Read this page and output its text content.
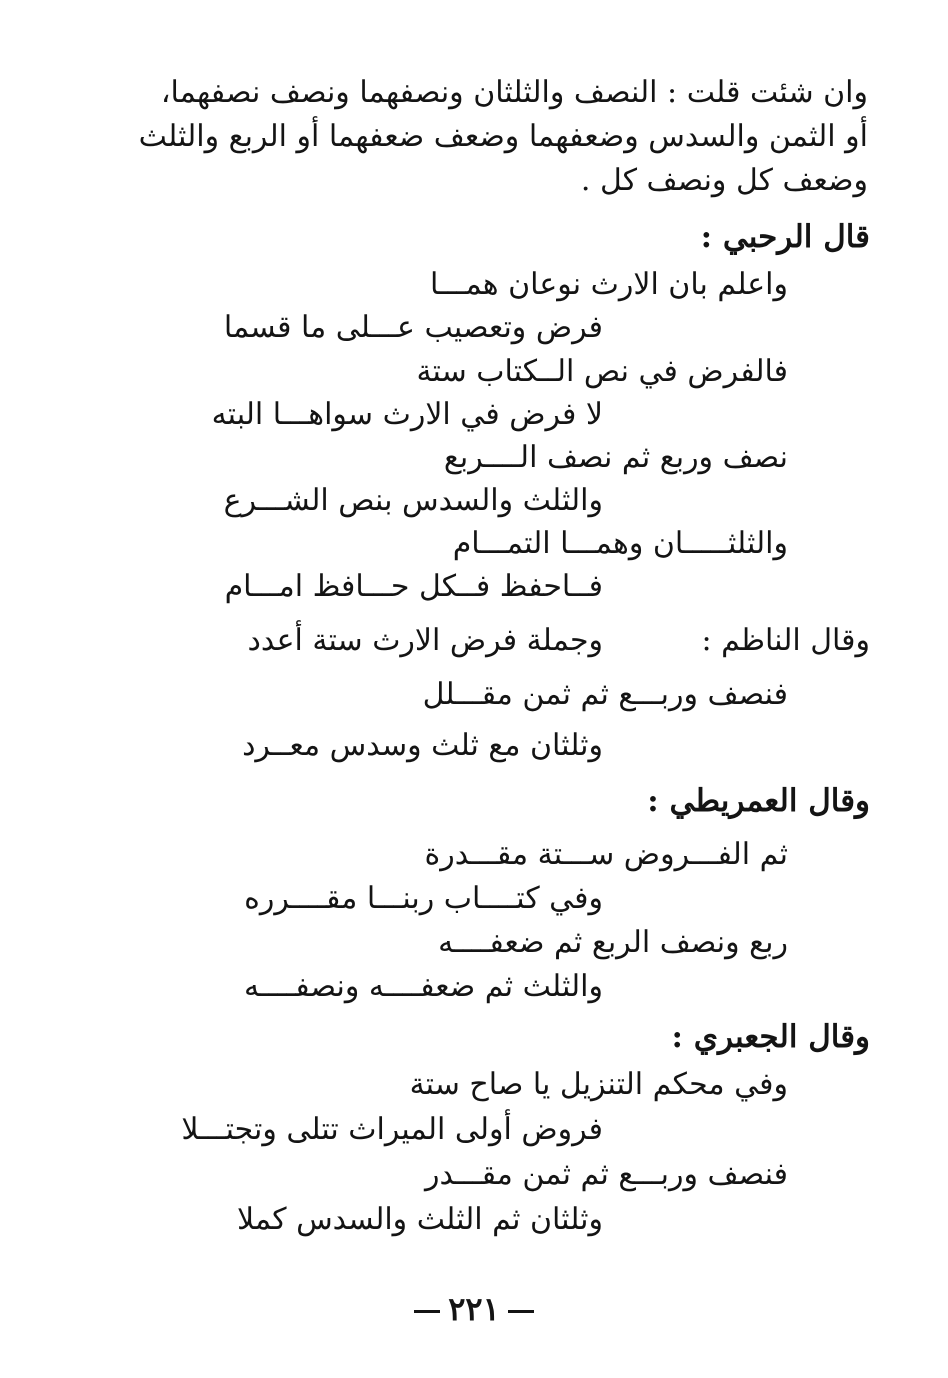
وان شئت قلت : النصف والثلثان ونصفهما ونصف نصفهما،
أو الثمن والسدس وضعفهما وضعف ضعفهما أو الربع والثلث
وضعف كل ونصف كل .
قال الرحبي :
واعلم بان الارث نوعان همـــا
فرض وتعصيب عـــلى ما قسما
فالفرض في نص الــكتاب ستة
لا فرض في الارث سواهـــا البته
نصف وربع ثم نصف الــــربع
والثلث والسدس بنص الشـــرع
والثلثـــــان وهمـــا التمـــام
فــاحفظ فــكل حـــافظ امـــام
وقال الناظم :
وجملة فرض الارث ستة أعدد
فنصف وربـــع ثم ثمن مقـــلل
وثلثان مع ثلث وسدس معــرد
وقال العمريطي :
ثم الفـــروض ســـتة مقـــدرة
وفي كتــــاب ربنـــا مقــــرره
ربع ونصف الربع ثم ضعفــــه
والثلث ثم ضعفــــه ونصفــــه
وقال الجعبري :
وفي محكم التنزيل يا صاح ستة
فروض أولى الميراث تتلى وتجتـــلا
فنصف وربـــع ثم ثمن مقـــدر
وثلثان ثم الثلث والسدس كملا
٢٢١
